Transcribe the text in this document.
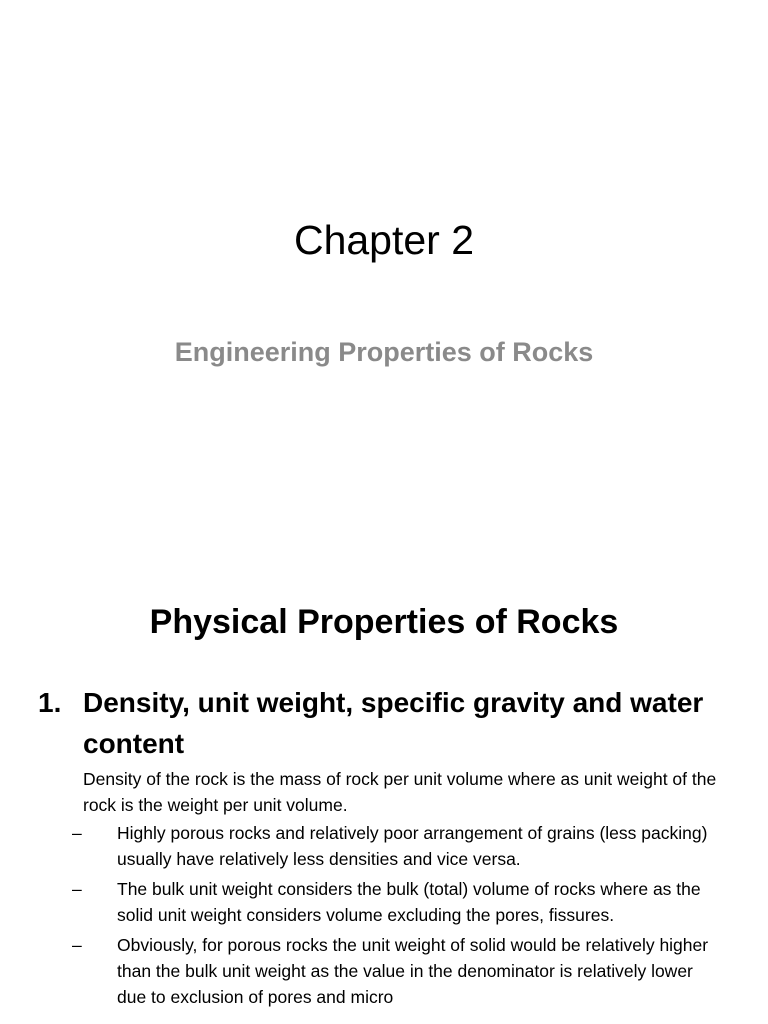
Chapter 2
Engineering Properties of Rocks
Physical Properties of Rocks
1. Density, unit weight, specific gravity and water content

Density of the rock is the mass of rock per unit volume where as unit weight of the rock is the weight per unit volume.

– Highly porous rocks and relatively poor arrangement of grains (less packing) usually have relatively less densities and vice versa.
– The bulk unit weight considers the bulk (total) volume of rocks where as the solid unit weight considers volume excluding the pores, fissures.
– Obviously, for porous rocks the unit weight of solid would be relatively higher than the bulk unit weight as the value in the denominator is relatively lower due to exclusion of pores and micro
